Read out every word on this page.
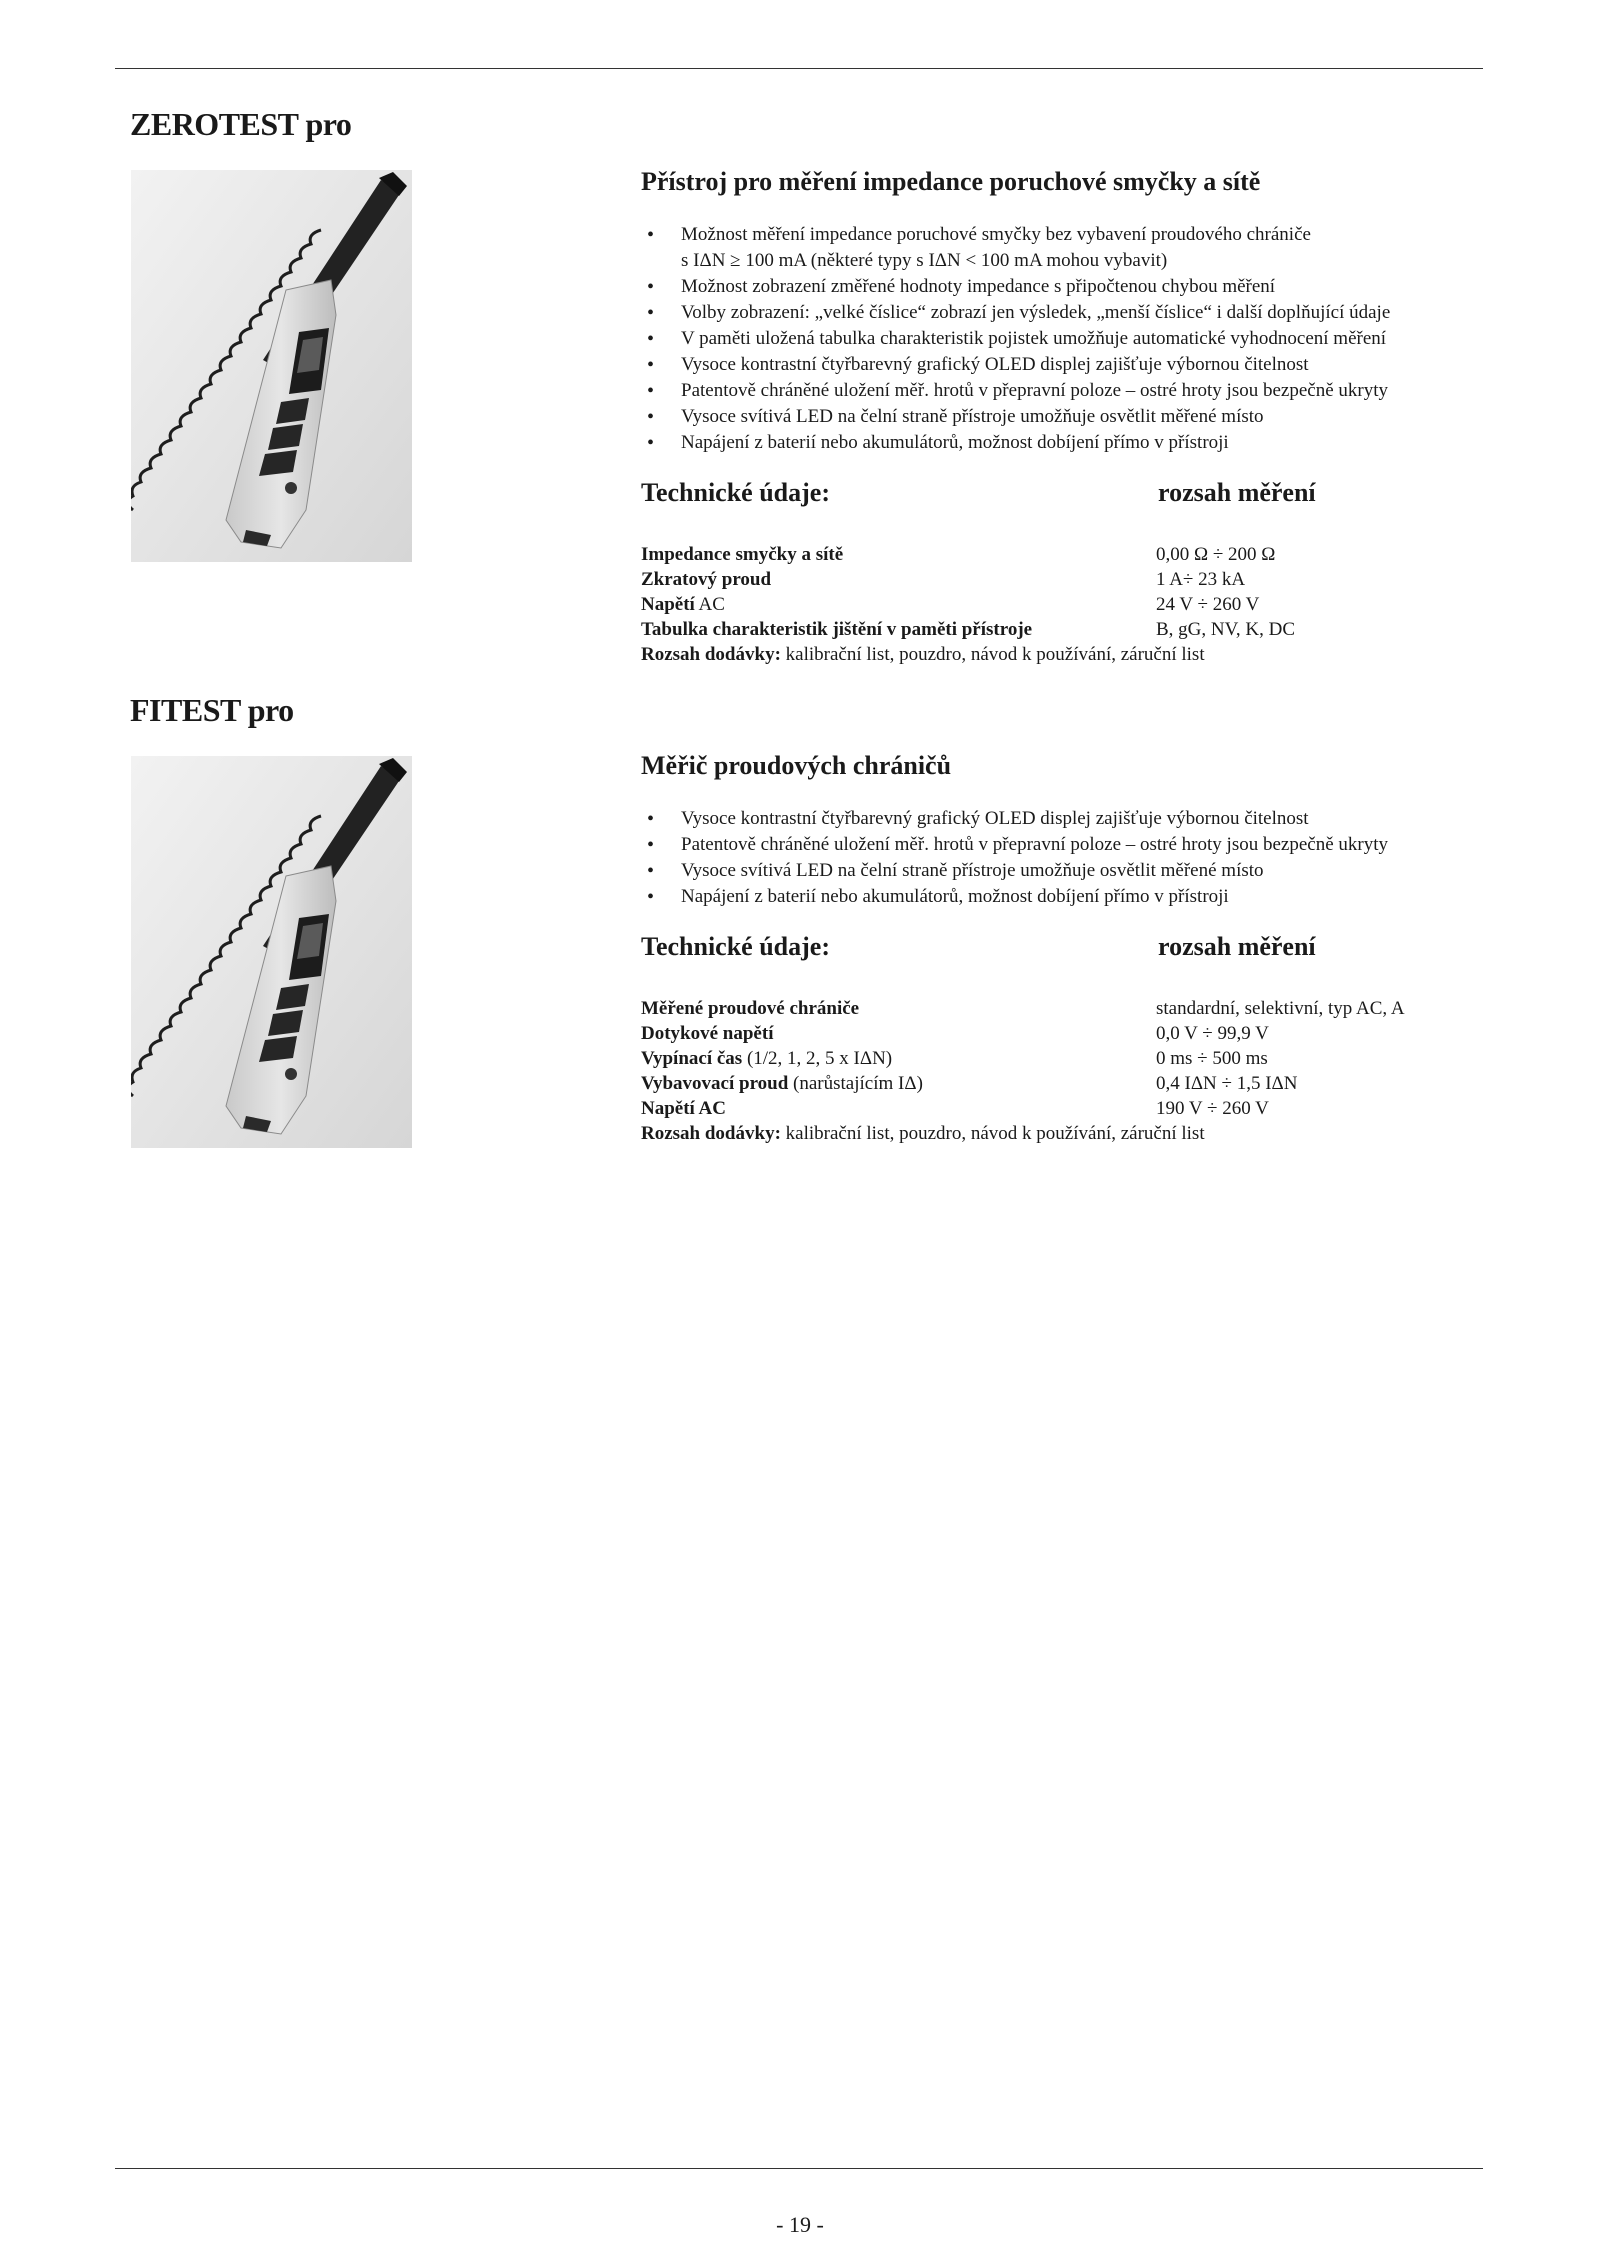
ZEROTEST pro
Přístroj pro měření impedance poruchové smyčky a sítě
• Možnost měření impedance poruchové smyčky bez vybavení proudového chrániče
s IΔN ≥ 100 mA (některé typy s IΔN < 100 mA mohou vybavit)
• Možnost zobrazení změřené hodnoty impedance s připočtenou chybou měření
• Volby zobrazení: „velké číslice“ zobrazí jen výsledek, „menší číslice“ i další doplňující údaje
• V paměti uložená tabulka charakteristik pojistek umožňuje automatické vyhodnocení měření
• Vysoce kontrastní čtyřbarevný grafický OLED displej zajišťuje výbornou čitelnost
• Patentově chráněné uložení měř. hrotů v přepravní poloze – ostré hroty jsou bezpečně ukryty
• Vysoce svítivá LED na čelní straně přístroje umožňuje osvětlit měřené místo
• Napájení z baterií nebo akumulátorů, možnost dobíjení přímo v přístroji
Technické údaje:	rozsah měření
Impedance smyčky a sítě	0,00 Ω ÷ 200 Ω
Zkratový proud	1 A÷ 23 kA
Napětí AC	24 V ÷ 260 V
Tabulka charakteristik jištění v paměti přístroje	B, gG, NV, K, DC
Rozsah dodávky: kalibrační list, pouzdro, návod k používání, záruční list
FITEST pro
Měřič proudových chráničů
• Vysoce kontrastní čtyřbarevný grafický OLED displej zajišťuje výbornou čitelnost
• Patentově chráněné uložení měř. hrotů v přepravní poloze – ostré hroty jsou bezpečně ukryty
• Vysoce svítivá LED na čelní straně přístroje umožňuje osvětlit měřené místo
• Napájení z baterií nebo akumulátorů, možnost dobíjení přímo v přístroji
Technické údaje:	rozsah měření
Měřené proudové chrániče	standardní, selektivní, typ AC, A
Dotykové napětí	0,0 V ÷ 99,9 V
Vypínací čas (1/2, 1, 2, 5 x IΔN)	0 ms ÷ 500 ms
Vybavovací proud (narůstajícím IΔ)	0,4 IΔN ÷ 1,5 IΔN
Napětí AC	190 V ÷ 260 V
Rozsah dodávky: kalibrační list, pouzdro, návod k používání, záruční list
- 19 -
